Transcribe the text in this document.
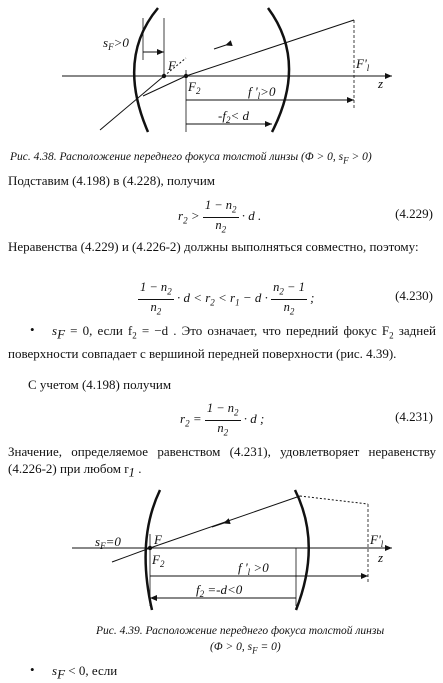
$s_F>0$
F
$F_2$
$F'_l$
z
f '$_l>0$
$-f_2< d$
Рис. 4.38. Расположение переднего фокуса толстой линзы (Φ > 0, $s_F > 0$)
Подставим (4.198) в (4.228), получим
$r_2 > \frac{1 - n_2}{n_2} \cdot d$ .	(4.229)
Неравенства (4.229) и (4.226-2) должны выполняться совместно, поэтому:
$\frac{1 - n_2}{n_2} \cdot d < r_2 < r_1 - d \cdot \frac{n_2 - 1}{n_2}$ ;	(4.230)
•	$s_F = 0$, если $f_2 = -d$ . Это означает, что передний фокус $F_2$ задней поверхности совпадает с вершиной передней поверхности (рис. 4.39).
С учетом (4.198) получим
$r_2 = \frac{1 - n_2}{n_2} \cdot d$ ;	(4.231)
Значение, определяемое равенством (4.231), удовлетворяет неравенству (4.226-2) при любом $r_1$ .
$s_F=0$	F
$F_2$
$F'_l$
z
f '$_l >0$
$f_2 =-d<0$
Рис. 4.39. Расположение переднего фокуса толстой линзы
(Φ > 0, $s_F = 0$)
• $s_F < 0$, если
